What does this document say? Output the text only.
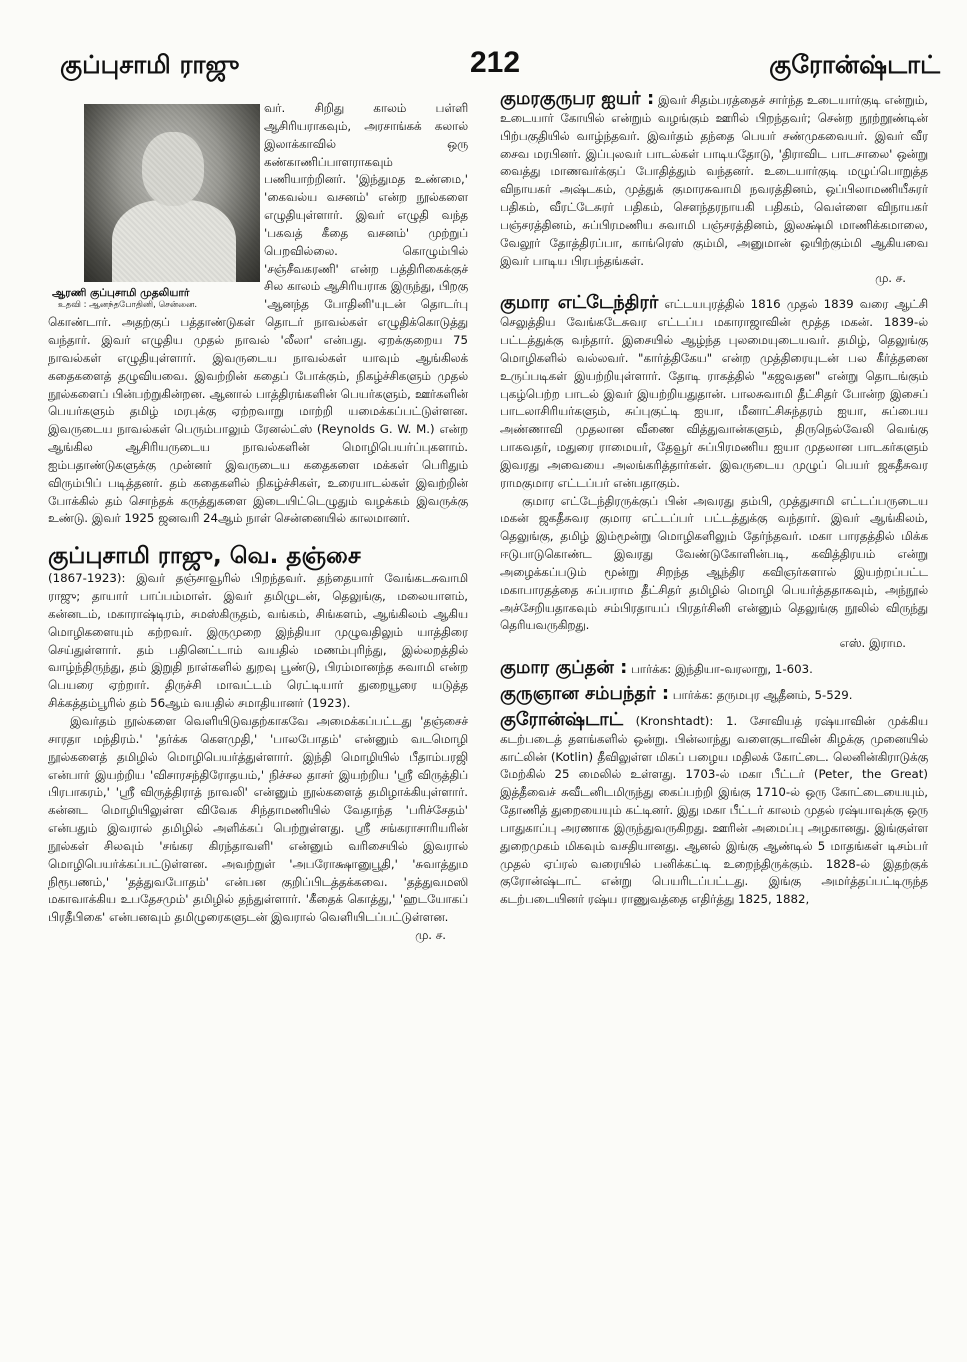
குப்புசாமி ராஜு	212	குரோன்ஷ்டாட்
ஆரணி குப்புசாமி முதலியார்
உதவி : ஆனந்தபோதினி, சென்னை.

வர். சிறிது காலம் பள்ளி ஆசிரியராகவும், அரசாங்கக் கலால் இலாக்காவில் ஒரு கண்காணிப்பாளராகவும் பணியாற்றினர். 'இந்துமத உண்மை,' 'கைவல்ய வசனம்' என்ற நூல்களை எழுதியுள்ளார். இவர் எழுதி வந்த 'பகவத் கீதை வசனம்' முற்றுப் பெறவில்லை. கொழும்பில் 'சஞ்சீவகரணி' என்ற பத்திரிகைக்குச் சில காலம் ஆசிரியராக இருந்து, பிறகு 'ஆனந்த போதினி'யுடன் தொடர்பு கொண்டார். அதற்குப் பத்தாண்டுகள் தொடர் நாவல்கள் எழுதிக்கொடுத்து வந்தார். இவர் எழுதிய முதல் நாவல் 'லீலா' என்பது. ஏறக்குறைய 75 நாவல்கள் எழுதியுள்ளார். இவருடைய நாவல்கள் யாவும் ஆங்கிலக் கதைகளைத் தழுவியவை. இவற்றின் கதைப் போக்கும், நிகழ்ச்சிகளும் முதல் நூல்களைப் பின்பற்றுகின்றன. ஆனால் பாத்திரங்களின் பெயர்களும், ஊர்களின் பெயர்களும் தமிழ் மரபுக்கு ஏற்றவாறு மாற்றி யமைக்கப்பட்டுள்ளன. இவருடைய நாவல்கள் பெரும்பாலும் ரேனல்ட்ஸ் (Reynolds G. W. M.) என்ற ஆங்கில ஆசிரியருடைய நாவல்களின் மொழிபெயர்ப்புகளாம். ஐம்பதாண்டுகளுக்கு முன்னர் இவருடைய கதைகளை மக்கள் பெரிதும் விரும்பிப் படித்தனர். தம் கதைகளில் நிகழ்ச்சிகள், உரையாடல்கள் இவற்றின் போக்கில் தம் சொந்தக் கருத்துகளை இடையிட்டெழுதும் வழக்கம் இவருக்கு உண்டு. இவர் 1925 ஜனவரி 24ஆம் நாள் சென்னையில் காலமானர்.

குப்புசாமி ராஜு, வெ. தஞ்சை

(1867-1923): இவர் தஞ்சாவூரில் பிறந்தவர். தந்தையார் வேங்கடசுவாமி ராஜு; தாயார் பாப்பம்மாள். இவர் தமிழுடன், தெலுங்கு, மலையாளம், கன்னடம், மகாராஷ்டிரம், சமஸ்கிருதம், வங்கம், சிங்களம், ஆங்கிலம் ஆகிய மொழிகளையும் கற்றவர். இருமுறை இந்தியா முழுவதிலும் யாத்திரை செய்துள்ளார். தம் பதினெட்டாம் வயதில் மணம்புரிந்து, இல்லறத்தில் வாழ்ந்திருந்து, தம் இறுதி நாள்களில் துறவு பூண்டு, பிரம்மானந்த சுவாமி என்ற பெயரை ஏற்றார். திருச்சி மாவட்டம் ரெட்டியார் துறையூரை யடுத்த சிக்கத்தம்பூரில் தம் 56ஆம் வயதில் சமாதியானர் (1923).

இவர்தம் நூல்களை வெளியிடுவதற்காகவே அமைக்கப்பட்டது 'தஞ்சைச் சாரதா மந்திரம்.' 'தர்க்க கௌமுதி,' 'பாலபோதம்' என்னும் வடமொழி நூல்களைத் தமிழில் மொழிபெயர்த்துள்ளார். இந்தி மொழியில் பீதாம்பரஜி என்பார் இயற்றிய 'விசாரசந்திரோதயம்,' நிச்சல தாசர் இயற்றிய 'ஸ்ரீ விருத்திப் பிரபாகரம்,' 'ஸ்ரீ விருத்திராத் நாவலி' என்னும் நூல்களைத் தமிழாக்கியுள்ளார். கன்னட மொழியிலுள்ள விவேக சிந்தாமணியில் வேதாந்த 'பரிச்சேதம்' என்பதும் இவரால் தமிழில் அளிக்கப் பெற்றுள்ளது. ஸ்ரீ சங்கராசாரியரின் நூல்கள் சிலவும் 'சங்கர கிரந்தாவளி' என்னும் வரிசையில் இவரால் மொழிபெயர்க்கப்பட்டுள்ளன. அவற்றுள் 'அபரோக்ஷானுபூதி,' 'சுவாத்தும நிரூபணம்,' 'தத்துவபோதம்' என்பன குறிப்பிடத்தக்கவை. 'தத்துவமஸி மகாவாக்கிய உபதேசமும்' தமிழில் தந்துள்ளார். 'கீதைக் கொத்து,' 'ஹடயோகப் பிரதீபிகை' என்பனவும் தமிழுரைகளுடன் இவரால் வெளியிடப்பட்டுள்ளன.

மு. ச.

குமரகுருபர ஐயர் : இவர் சிதம்பரத்தைச் சார்ந்த உடையார்குடி என்றும், உடையார் கோயில் என்றும் வழங்கும் ஊரில் பிறந்தவர்; சென்ற நூற்றூண்டின் பிற்பகுதியில் வாழ்ந்தவர். இவர்தம் தந்தை பெயர் சண்முகவையர். இவர் வீர சைவ மரபினர். இப்புலவர் பாடல்கள் பாடியதோடு, 'திராவிட பாடசாலை' ஒன்று வைத்து மாணவர்க்குப் போதித்தும் வந்தனர். உடையார்குடி மழுப்பொறுத்த விநாயகர் அஷ்டகம், முத்துக் குமாரசுவாமி நவரத்தினம், ஒப்பிலாமணியீசுரர் பதிகம், வீரட்டேசுரர் பதிகம், சௌந்தரநாயகி பதிகம், வெள்ளை விநாயகர் பஞ்சரத்தினம், சுப்பிரமணிய சுவாமி பஞ்சரத்தினம், இலக்ஷ்மி மாணிக்கமாலை, வேலூர் தோத்திரப்பா, காங்ரெஸ் கும்மி, அனுமான் ஒயிற்கும்மி ஆகியவை இவர் பாடிய பிரபந்தங்கள்.

மு. ச.

குமார எட்டேந்திரர் எட்டயபுரத்தில் 1816 முதல் 1839 வரை ஆட்சி செலுத்திய வேங்கடேசுவர எட்டப்ப மகாராஜாவின் மூத்த மகன். 1839-ல் பட்டத்துக்கு வந்தார். இசையில் ஆழ்ந்த புலமையுடையவர். தமிழ், தெலுங்கு மொழிகளில் வல்லவர். "கார்த்திகேய" என்ற முத்திரையுடன் பல கீர்த்தனை உருப்படிகள் இயற்றியுள்ளார். தோடி ராகத்தில் "கஜவதன" என்று தொடங்கும் புகழ்பெற்ற பாடல் இவர் இயற்றியதுதான். பாலசுவாமி தீட்சிதர் போன்ற இசைப் பாடலாசிரியர்களும், சுப்புகுட்டி ஐயா, மீனாட்சிசுந்தரம் ஐயா, சுப்பைய அண்ணாவி முதலான வீணை வித்துவான்களும், திருநெல்வேலி வெங்கு பாகவதர், மதுரை ராமையர், தேவூர் சுப்பிரமணிய ஐயா முதலான பாடகர்களும் இவரது அவையை அலங்கரித்தார்கள். இவருடைய முழுப் பெயர் ஜகதீசுவர ராமகுமார எட்டப்பர் என்பதாகும்.

குமார எட்டேந்திரருக்குப் பின் அவரது தம்பி, முத்துசாமி எட்டப்பருடைய மகன் ஜகதீசுவர குமார எட்டப்பர் பட்டத்துக்கு வந்தார். இவர் ஆங்கிலம், தெலுங்கு, தமிழ் இம்மூன்று மொழிகளிலும் தேர்ந்தவர். மகா பாரதத்தில் மிக்க ஈடுபாடுகொண்ட இவரது வேண்டுகோளின்படி, கவித்திரயம் என்று அழைக்கப்படும் மூன்று சிறந்த ஆந்திர கவிஞர்களால் இயற்றப்பட்ட மகாபாரதத்தை சுப்பராம தீட்சிதர் தமிழில் மொழி பெயர்த்ததாகவும், அந்நூல் அச்சேறியதாகவும் சம்பிரதாயப் பிரதர்சினி என்னும் தெலுங்கு நூலில் விருந்து தெரியவருகிறது.

எஸ். இராம.

குமார குப்தன் : பார்க்க: இந்தியா-வரலாறு, 1-603.

குருஞான சம்பந்தர் : பார்க்க: தருமபுர ஆதீனம், 5-529.

குரோன்ஷ்டாட் (Kronshtadt): 1. சோவியத் ரஷ்யாவின் முக்கிய கடற்படைத் தளங்களில் ஒன்று. பின்லாந்து வளைகுடாவின் கிழக்கு முனையில் காட்லின் (Kotlin) தீவிலுள்ள மிகப் பழைய மதிலக் கோட்டை. லெனின்கிராடுக்கு மேற்கில் 25 மைலில் உள்ளது. 1703-ல் மகா பீட்டர் (Peter, the Great) இத்தீவைச் சுவீடனிடமிருந்து கைப்பற்றி இங்கு 1710-ல் ஒரு கோட்டையையும், தோணித் துறையையும் கட்டினர். இது மகா பீட்டர் காலம் முதல் ரஷ்யாவுக்கு ஒரு பாதுகாப்பு அரணாக இருந்துவருகிறது. ஊரின் அமைப்பு அழகானது. இங்குள்ள துறைமுகம் மிகவும் வசதியானது. ஆனல் இங்கு ஆண்டில் 5 மாதங்கள் டிசம்பர் முதல் ஏப்ரல் வரையில் பனிக்கட்டி உறைந்திருக்கும். 1828-ல் இதற்குக் குரோன்ஷ்டாட் என்று பெயரிடப்பட்டது. இங்கு அமர்த்தப்பட்டிருந்த கடற்படையினர் ரஷ்ய ராணுவத்தை எதிர்த்து 1825, 1882,
